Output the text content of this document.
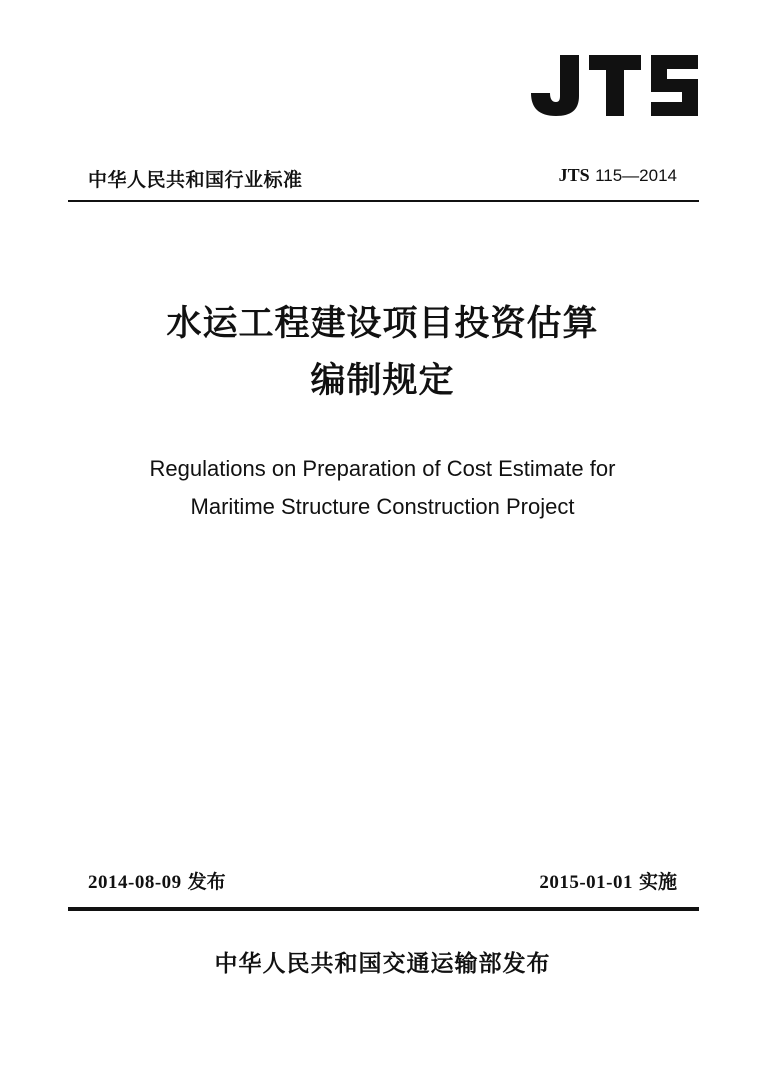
中华人民共和国行业标准	JTS 115—2014
水运工程建设项目投资估算
编制规定
Regulations on Preparation of Cost Estimate for
Maritime Structure Construction Project
2014-08-09 发布	2015-01-01 实施
中华人民共和国交通运输部发布
